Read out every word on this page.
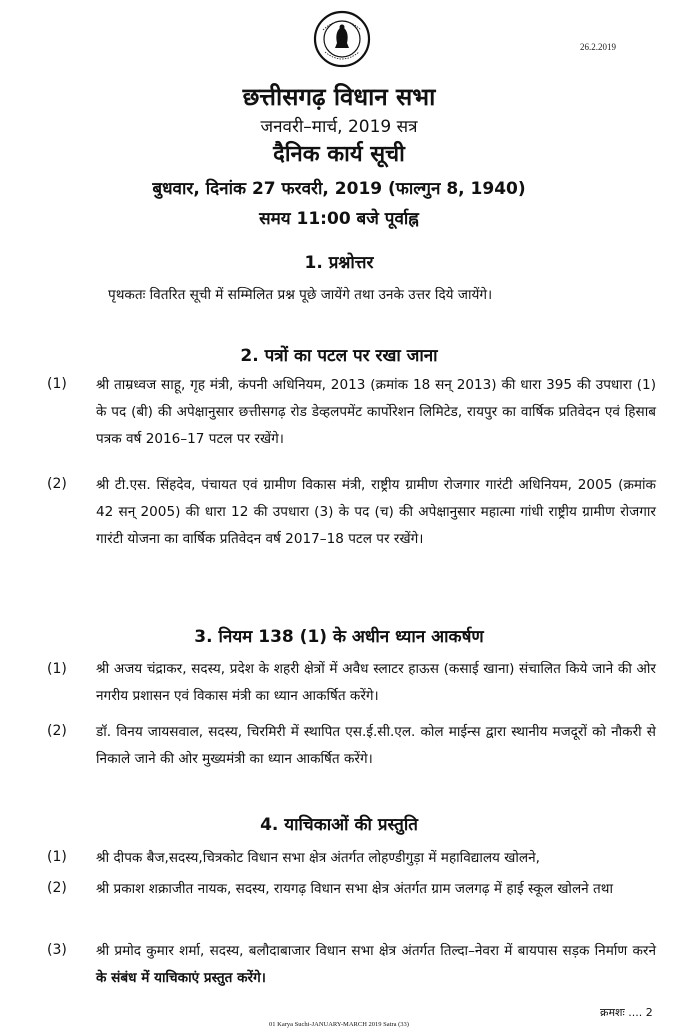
26.2.2019
छत्तीसगढ़ विधान सभा
जनवरी–मार्च, 2019 सत्र
दैनिक कार्य सूची
बुधवार, दिनांक 27 फरवरी, 2019 (फाल्गुन 8, 1940)
समय 11:00 बजे पूर्वाह्न
1. प्रश्नोत्तर
पृथकतः वितरित सूची में सम्मिलित प्रश्न पूछे जायेंगे तथा उनके उत्तर दिये जायेंगे।
2. पत्रों का पटल पर रखा जाना
(1) श्री ताम्रध्वज साहू, गृह मंत्री, कंपनी अधिनियम, 2013 (क्रमांक 18 सन् 2013) की धारा 395 की उपधारा (1) के पद (बी) की अपेक्षानुसार छत्तीसगढ़ रोड डेव्हलपमेंट कार्पोरेशन लिमिटेड, रायपुर का वार्षिक प्रतिवेदन एवं हिसाब पत्रक वर्ष 2016–17 पटल पर रखेंगे।
(2) श्री टी.एस. सिंहदेव, पंचायत एवं ग्रामीण विकास मंत्री, राष्ट्रीय ग्रामीण रोजगार गारंटी अधिनियम, 2005 (क्रमांक 42 सन् 2005) की धारा 12 की उपधारा (3) के पद (च) की अपेक्षानुसार महात्मा गांधी राष्ट्रीय ग्रामीण रोजगार गारंटी योजना का वार्षिक प्रतिवेदन वर्ष 2017–18 पटल पर रखेंगे।
3. नियम 138 (1) के अधीन ध्यान आकर्षण
(1) श्री अजय चंद्राकर, सदस्य, प्रदेश के शहरी क्षेत्रों में अवैध स्लाटर हाऊस (कसाई खाना) संचालित किये जाने की ओर नगरीय प्रशासन एवं विकास मंत्री का ध्यान आकर्षित करेंगे।
(2) डॉ. विनय जायसवाल, सदस्य, चिरमिरी में स्थापित एस.ई.सी.एल. कोल माईन्स द्वारा स्थानीय मजदूरों को नौकरी से निकाले जाने की ओर मुख्यमंत्री का ध्यान आकर्षित करेंगे।
4. याचिकाओं की प्रस्तुति
(1) श्री दीपक बैज,सदस्य,चित्रकोट विधान सभा क्षेत्र अंतर्गत लोहण्डीगुड़ा में महाविद्यालय खोलने,
(2) श्री प्रकाश शक्राजीत नायक, सदस्य, रायगढ़ विधान सभा क्षेत्र अंतर्गत ग्राम जलगढ़ में हाई स्कूल खोलने तथा
(3) श्री प्रमोद कुमार शर्मा, सदस्य, बलौदाबाजार विधान सभा क्षेत्र अंतर्गत तिल्दा–नेवरा में बायपास सड़क निर्माण करने के संबंध में याचिकाएं प्रस्तुत करेंगे।
क्रमशः .... 2
01 Karya Suchi-JANUARY-MARCH 2019 Satra (33)
